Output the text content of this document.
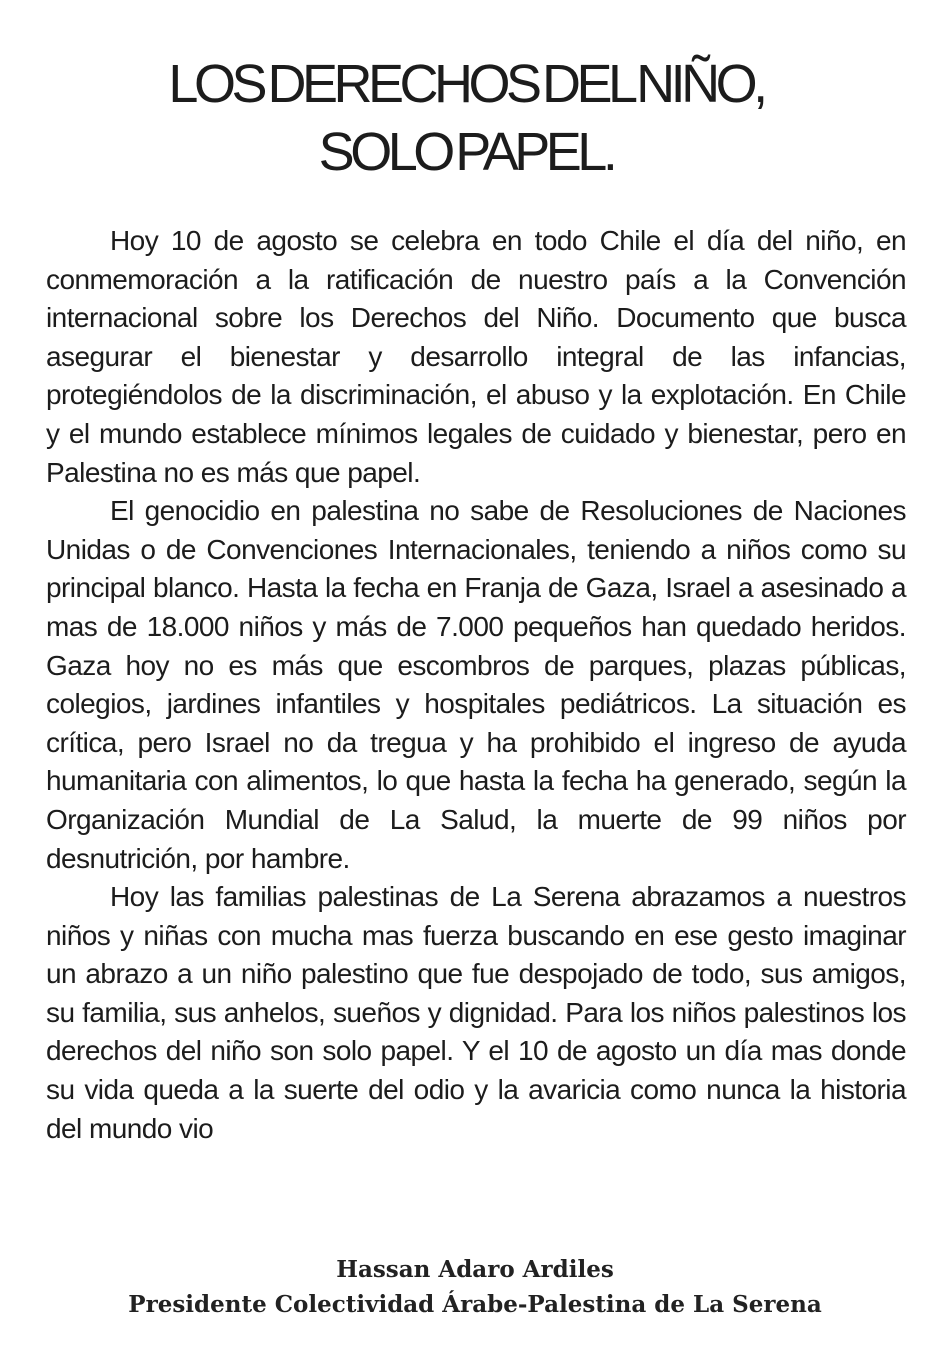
LOS DERECHOS DEL NIÑO,
SOLO PAPEL.

Hoy 10 de agosto se celebra en todo Chile el día del niño, en conmemoración a la ratificación de nuestro país a la Convención internacional sobre los Derechos del Niño. Documento que busca asegurar el bienestar y desarrollo integral de las infancias, protegiéndolos de la discriminación, el abuso y la explotación. En Chile y el mundo establece mínimos legales de cuidado y bienestar, pero en Palestina no es más que papel.

El genocidio en palestina no sabe de Resoluciones de Naciones Unidas o de Convenciones Internacionales, teniendo a niños como su principal blanco. Hasta la fecha en Franja de Gaza, Israel a asesinado a mas de 18.000 niños y más de 7.000 pequeños han quedado heridos. Gaza hoy no es más que escombros de parques, plazas públicas, colegios, jardines infantiles y hospitales pediátricos. La situación es crítica, pero Israel no da tregua y ha prohibido el ingreso de ayuda humanitaria con alimentos, lo que hasta la fecha ha generado, según la Organización Mundial de La Salud, la muerte de 99 niños por desnutrición, por hambre.

Hoy las familias palestinas de La Serena abrazamos a nuestros niños y niñas con mucha mas fuerza buscando en ese gesto imaginar un abrazo a un niño palestino que fue despojado de todo, sus amigos, su familia, sus anhelos, sueños y dignidad. Para los niños palestinos los derechos del niño son solo papel. Y el 10 de agosto un día mas donde su vida queda a la suerte del odio y la avaricia como nunca la historia del mundo vio

Hassan Adaro Ardiles
Presidente Colectividad Árabe-Palestina de La Serena
